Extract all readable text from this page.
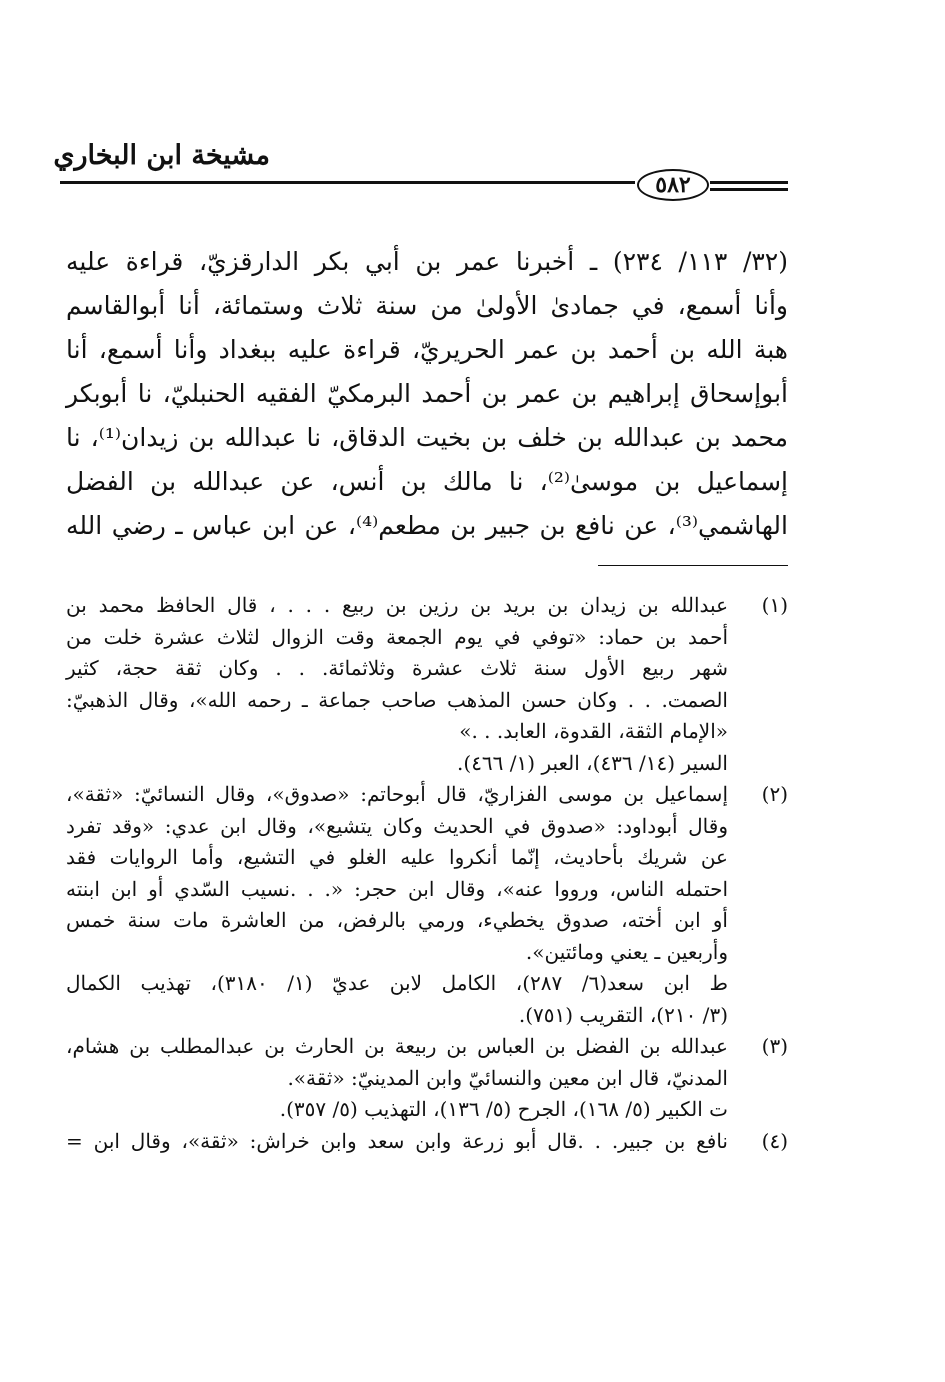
مشيخة ابن البخاري
٥٨٢
(٣٢/ ١١٣/ ٢٣٤) ـ أخبرنا عمر بن أبي بكر الدارقزيّ، قراءة عليه
وأنا أسمع، في جمادىٰ الأولىٰ من سنة ثلاث وستمائة، أنا أبوالقاسم
هبة الله بن أحمد بن عمر الحريريّ، قراءة عليه ببغداد وأنا أسمع، أنا
أبوإسحاق إبراهيم بن عمر بن أحمد البرمكيّ الفقيه الحنبليّ، نا أبوبكر
محمد بن عبدالله بن خلف بن بخيت الدقاق، نا عبدالله بن زيدان⁽¹⁾، نا
إسماعيل بن موسىٰ⁽²⁾، نا مالك بن أنس، عن عبدالله بن الفضل
الهاشمي⁽³⁾، عن نافع بن جبير بن مطعم⁽⁴⁾، عن ابن عباس ـ رضي الله
(١)
عبدالله بن زيدان بن بريد بن رزين بن ربيع . . . ، قال الحافظ محمد بن
أحمد بن حماد: «توفي في يوم الجمعة وقت الزوال لثلاث عشرة خلت من
شهر ربيع الأول سنة ثلاث عشرة وثلاثمائة. . . وكان ثقة حجة، كثير
الصمت. . . وكان حسن المذهب صاحب جماعة ـ رحمه الله»، وقال الذهبيّ:
«الإمام الثقة، القدوة، العابد. . .»
السير (١٤/ ٤٣٦)، العبر (١/ ٤٦٦).
(٢)
إسماعيل بن موسى الفزاريّ، قال أبوحاتم: «صدوق»، وقال النسائيّ: «ثقة»،
وقال أبوداود: «صدوق في الحديث وكان يتشيع»، وقال ابن عدي: «وقد تفرد
عن شريك بأحاديث، إنّما أنكروا عليه الغلو في التشيع، وأما الروايات فقد
احتمله الناس، ورووا عنه»، وقال ابن حجر: «. . .نسيب السّدي أو ابن ابنته
أو ابن أخته، صدوق يخطيء، ورمي بالرفض، من العاشرة مات سنة خمس
وأربعين ـ يعني ومائتين».
ط ابن سعد(٦/ ٢٨٧)، الكامل لابن عديّ (١/ ٣١٨٠)، تهذيب الكمال
(٣/ ٢١٠)، التقريب (٧٥١).
(٣)
عبدالله بن الفضل بن العباس بن ربيعة بن الحارث بن عبدالمطلب بن هشام،
المدنيّ، قال ابن معين والنسائيّ وابن المدينيّ: «ثقة».
ت الكبير (٥/ ١٦٨)، الجرح (٥/ ١٣٦)، التهذيب (٥/ ٣٥٧).
(٤)
نافع بن جبير. . .قال أبو زرعة وابن سعد وابن خراش: «ثقة»، وقال ابن =
